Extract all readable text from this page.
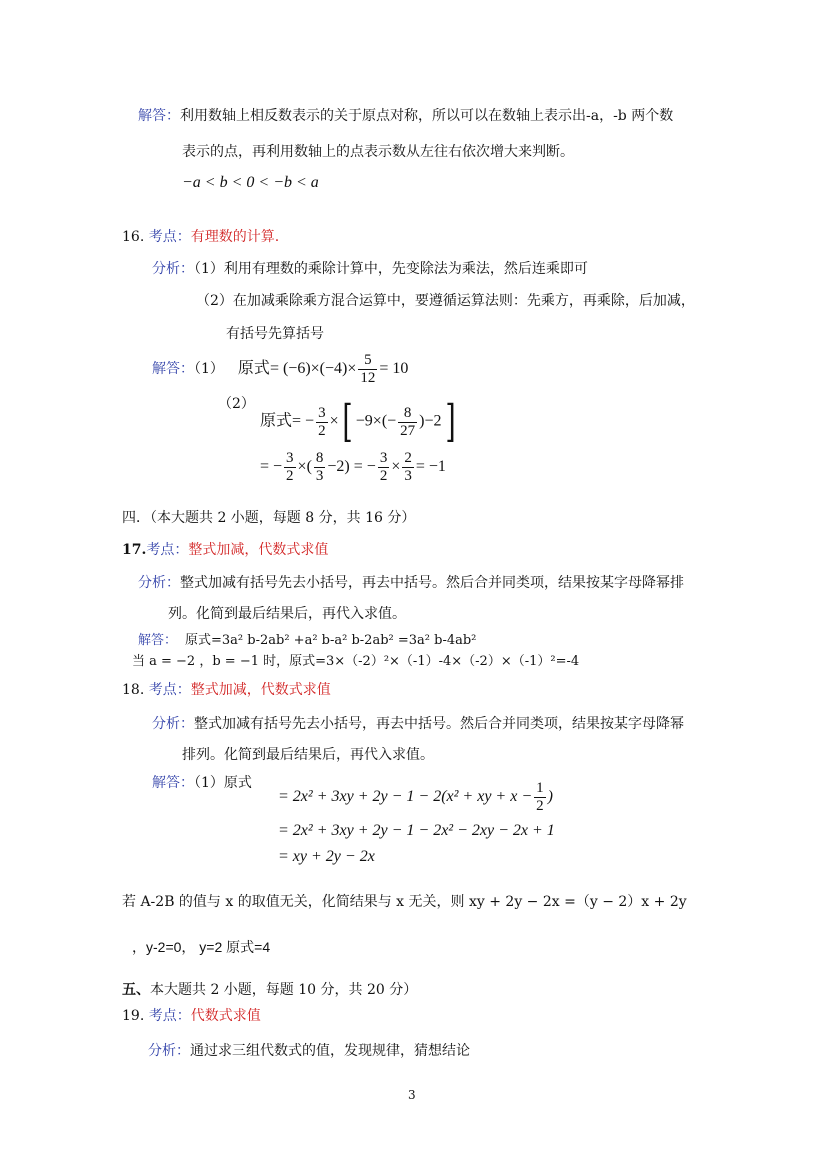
解答：利用数轴上相反数表示的关于原点对称，所以可以在数轴上表示出-a，-b 两个数
表示的点，再利用数轴上的点表示数从左往右依次增大来判断。
−a < b < 0 < −b < a
16. 考点：有理数的计算.
分析：（1）利用有理数的乘除计算中，先变除法为乘法，然后连乘即可
（2）在加减乘除乘方混合运算中，要遵循运算法则：先乘方，再乘除，后加减，
有括号先算括号
解答：（1） 原式= $(-6)\times(-4)\times \frac{5}{12} = 10$
（2）
原式= − $\frac{3}{2}$ ×[ $-9\times(- \frac{8}{27} )-2$]
= − $\frac{3}{2}$ ×( $\frac{8}{3} -2$) = − $\frac{3}{2} \times \frac{2}{3} = -1$
四．（本大题共 2 小题，每题 8 分，共 16 分）
17.考点：整式加减，代数式求值
分析：整式加减有括号先去小括号，再去中括号。然后合并同类项，结果按某字母降幂排
列。化简到最后结果后，再代入求值。
解答： 原式=3a² b-2ab² +a² b-a² b-2ab² =3a² b-4ab²
当 a = −2 ，b = −1 时，原式=3×（-2）²×（-1）-4×（-2）×（-1）²=-4
18. 考点：整式加减，代数式求值
分析：整式加减有括号先去小括号，再去中括号。然后合并同类项，结果按某字母降幂
排列。化简到最后结果后，再代入求值。
解答：（1）原式
= 2x² + 3xy + 2y − 1 − 2(x² + xy + $x - \frac{1}{2}$ )
= 2x² + 3xy + 2y − 1 − 2x² − 2xy − 2x + 1
= xy + 2y − 2x
若 A-2B 的值与 x 的取值无关，化简结果与 x 无关，则 xy + 2y − 2x =（y − 2）x + 2y
，y-2=0， y=2 原式=4
五、本大题共 2 小题，每题 10 分，共 20 分）
19. 考点：代数式求值
分析：通过求三组代数式的值，发现规律，猜想结论
3
